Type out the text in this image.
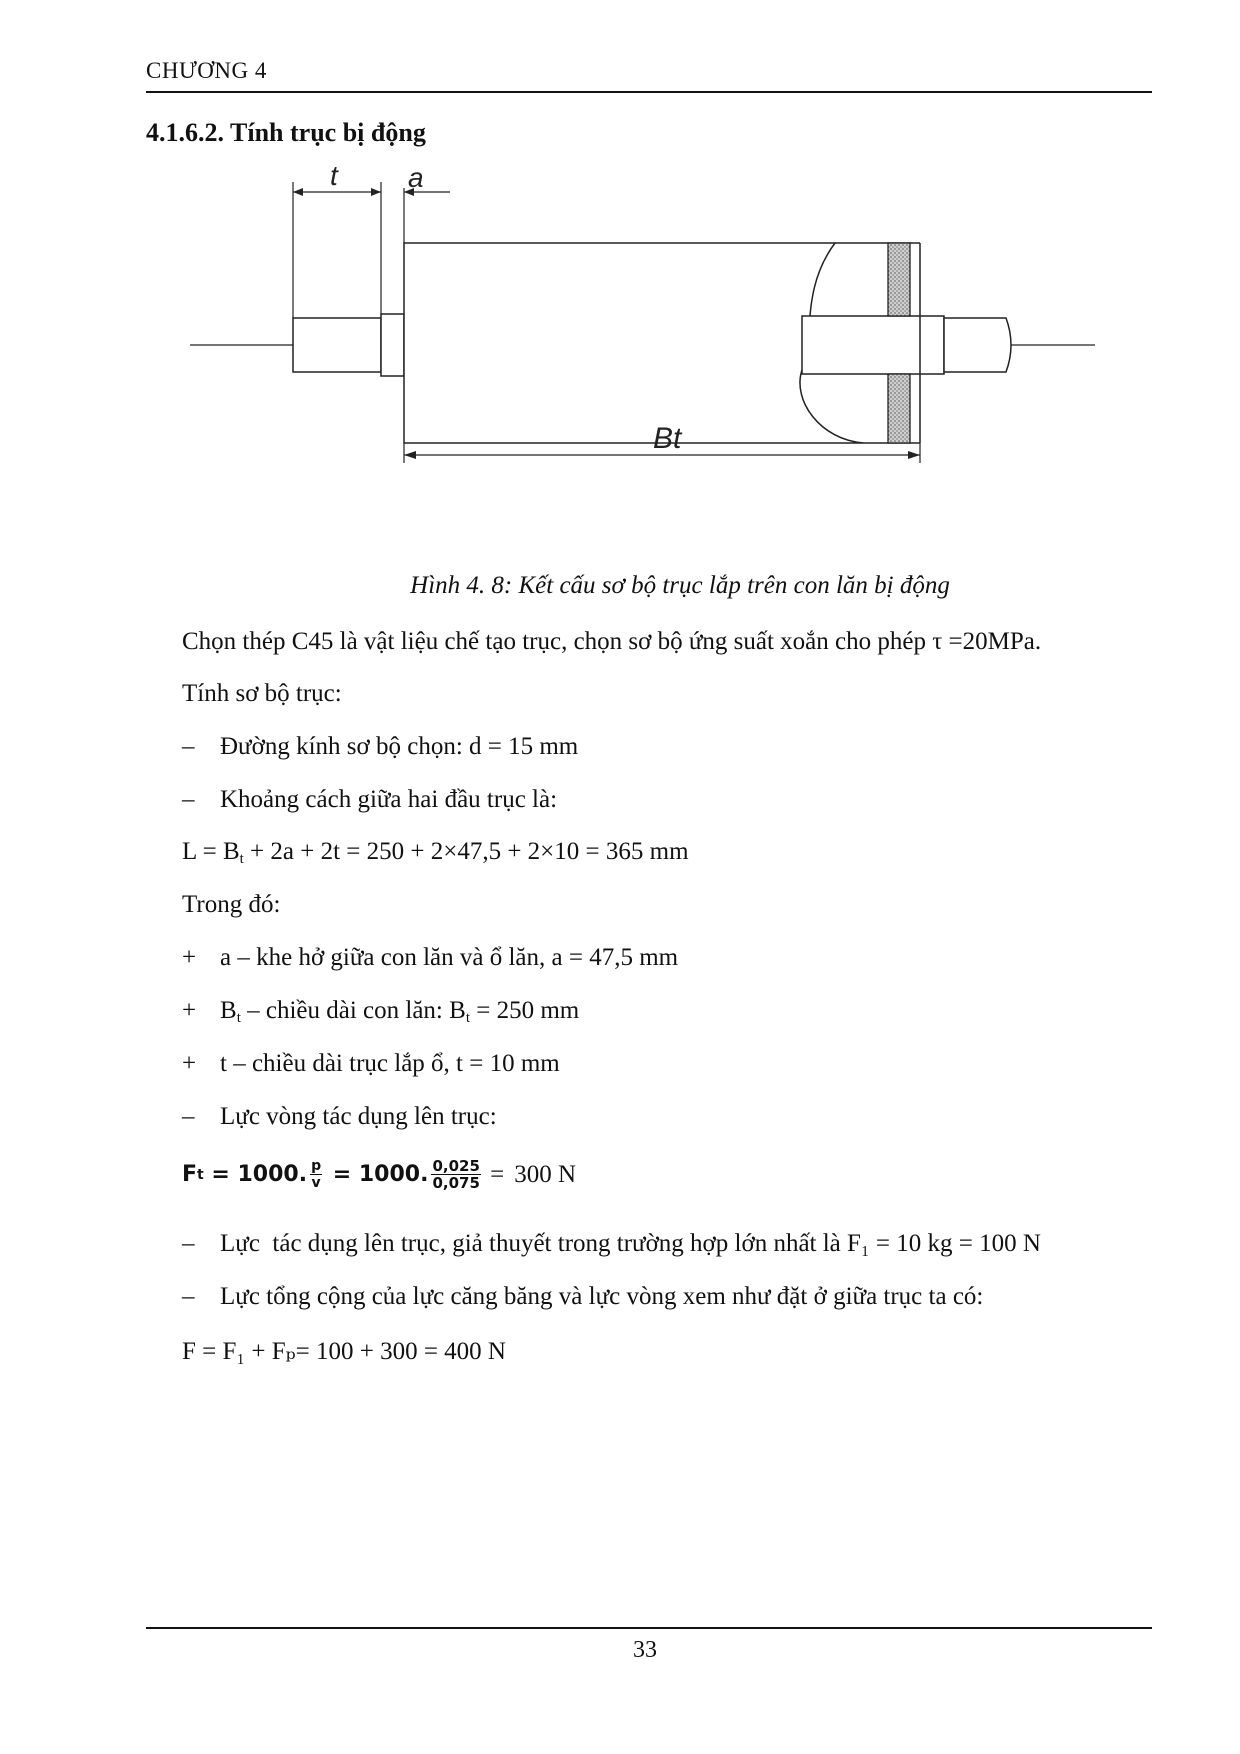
CHƯƠNG 4
4.1.6.2. Tính trục bị động
t	a
Bt
Hình 4. 8: Kết cấu sơ bộ trục lắp trên con lăn bị động
Chọn thép C45 là vật liệu chế tạo trục, chọn sơ bộ ứng suất xoắn cho phép τ =20MPa.
Tính sơ bộ trục:
– Đường kính sơ bộ chọn: d = 15 mm
– Khoảng cách giữa hai đầu trục là:
$L = B_t + 2a + 2t = 250 + 2\times 47,5 + 2\times 10 = 365$ mm
Trong đó:
+ a – khe hở giữa con lăn và ổ lăn, a = 47,5 mm
+ $B_t$ – chiều dài con lăn: $B_t = 250$ mm
+ t – chiều dài trục lắp ổ, t = 10 mm
– Lực vòng tác dụng lên trục:
F t = 1000. $\frac{p}{v} = 1000$. $\frac{0,025}{0,075} = 300$ N
– Lực  tác dụng lên trục, giả thuyết trong trường hợp lớn nhất là F₁ = 10 kg = 100 N
– Lực tổng cộng của lực căng băng và lực vòng xem như đặt ở giữa trục ta có:
F = F₁ + Fₚ= 100 + 300 = 400 N
33
